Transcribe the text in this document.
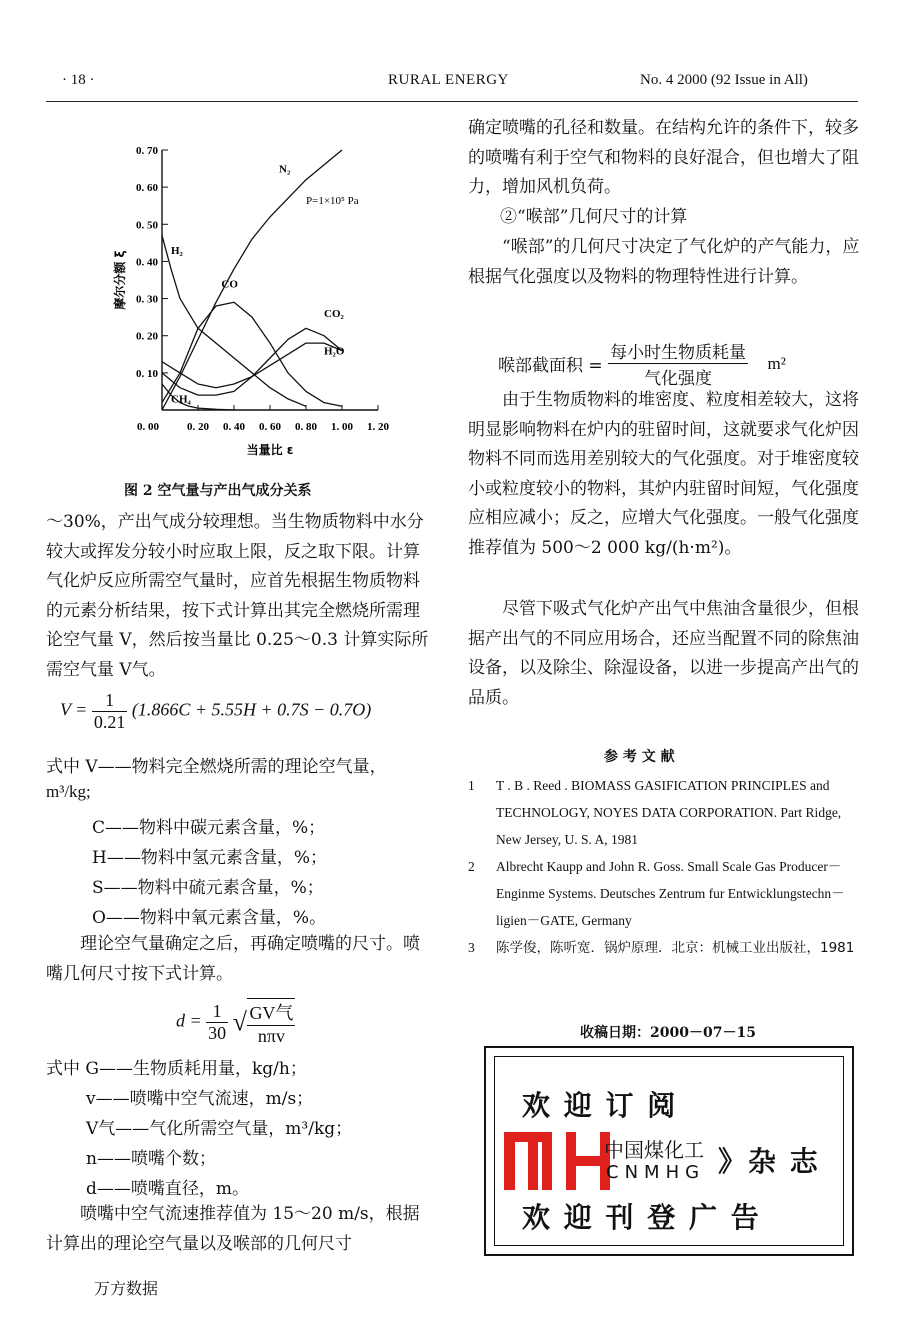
· 18 ·	RURAL ENERGY	No. 4 2000 (92 Issue in All)
0. 10
0. 20
0. 30
0. 40
0. 50
0. 60
0. 70
0. 00	0. 20 0. 40 0. 60 0. 80 1. 00 1. 20
当量比 ε
摩尔分额 ξ
P=1×10⁵ Pa
N₂
H₂
CO
CO₂
H₂O
CH₄
图 2 空气量与产出气成分关系

～30%，产出气成分较理想。当生物质物料中水分较大或挥发分较小时应取上限，反之取下限。计算气化炉反应所需空气量时，应首先根据生物质物料的元素分析结果，按下式计算出其完全燃烧所需理论空气量 V，然后按当量比 0.25～0.3 计算实际所需空气量 V气。

$V = \frac{1}{0.21} (1.866C + 5.55H + 0.7S - 0.7O)$
式中 V——物料完全燃烧所需的理论空气量，
m³/kg;
C——物料中碳元素含量，%；
H——物料中氢元素含量，%；
S——物料中硫元素含量，%；
O——物料中氧元素含量，%。

理论空气量确定之后，再确定喷嘴的尺寸。喷嘴几何尺寸按下式计算。

$d = \frac{1}{30}$ √ $\frac{\text{GV气}}{\text{nπv}}$
式中 G——生物质耗用量，kg/h；
v——喷嘴中空气流速，m/s；
V气——气化所需空气量，m³/kg；
n——喷嘴个数；
d——喷嘴直径，m。

喷嘴中空气流速推荐值为 15～20 m/s，根据计算出的理论空气量以及喉部的几何尺寸

确定喷嘴的孔径和数量。在结构允许的条件下，较多的喷嘴有利于空气和物料的良好混合，但也增大了阻力，增加风机负荷。

②“喉部”几何尺寸的计算

“喉部”的几何尺寸决定了气化炉的产气能力，应根据气化强度以及物料的物理特性进行计算。

喉部截面积 = $\frac{\text{每小时生物质耗量}}{\text{气化强度}} m^2$

由于生物质物料的堆密度、粒度相差较大，这将明显影响物料在炉内的驻留时间，这就要求气化炉因物料不同而选用差别较大的气化强度。对于堆密度较小或粒度较小的物料，其炉内驻留时间短，气化强度应相应减小；反之，应增大气化强度。一般气化强度推荐值为 500～2 000 kg/(h·m²)。

尽管下吸式气化炉产出气中焦油含量很少，但根据产出气的不同应用场合，还应当配置不同的除焦油设备，以及除尘、除湿设备，以进一步提高产出气的品质。

参 考 文 献
1 T . B . Reed . BIOMASS GASIFICATION PRINCIPLES and TECHNOLOGY, NOYES DATA CORPORATION. Part Ridge, New Jersey, U. S. A, 1981
2 Albrecht Kaupp and John R. Goss. Small Scale Gas Producer－Enginme Systems. Deutsches Zentrum fur Entwicklungstechn－ligien－GATE, Germany
3 陈学俊，陈听宽．锅炉原理．北京：机械工业出版社，1981
收稿日期：2000－07－15
欢 迎 订 阅
中国煤化工
CNMHG 》杂 志
欢 迎 刊 登 广 告
万方数据
